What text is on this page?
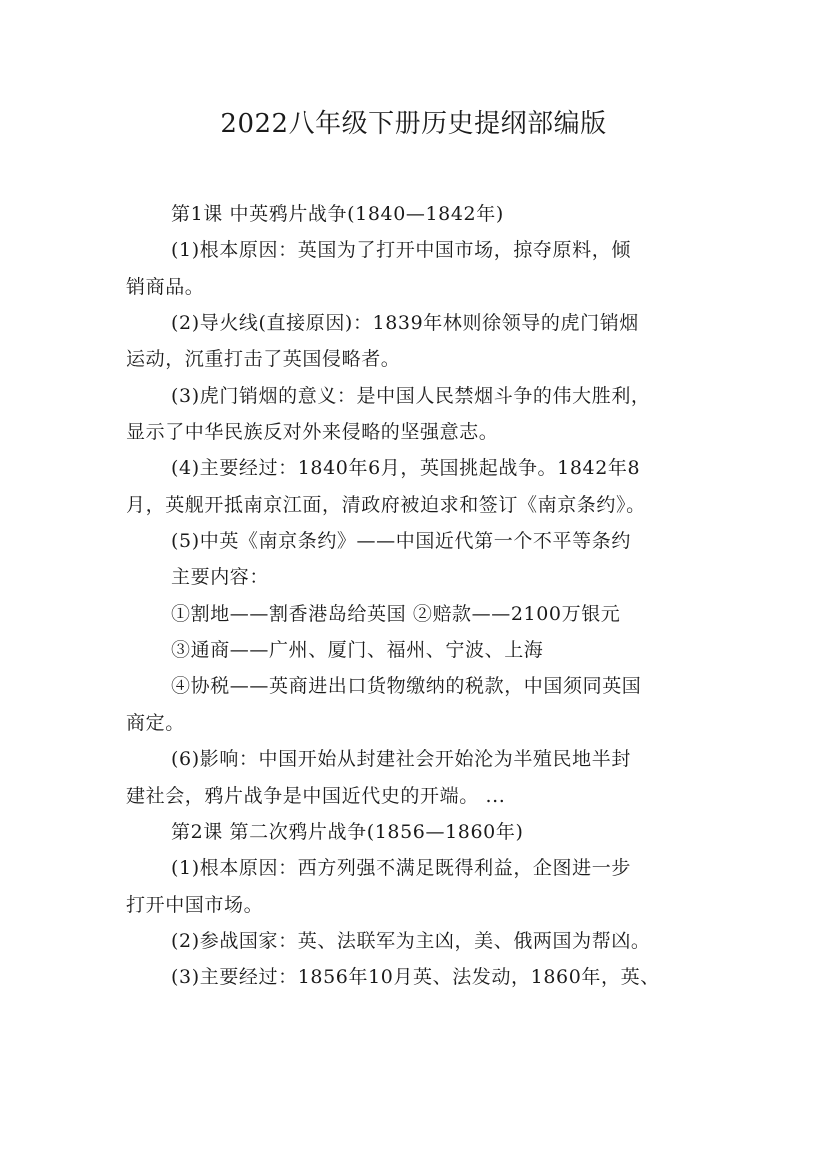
2022八年级下册历史提纲部编版
第1课 中英鸦片战争(1840—1842年)
(1)根本原因：英国为了打开中国市场，掠夺原料，倾
销商品。
(2)导火线(直接原因)：1839年林则徐领导的虎门销烟
运动，沉重打击了英国侵略者。
(3)虎门销烟的意义：是中国人民禁烟斗争的伟大胜利，
显示了中华民族反对外来侵略的坚强意志。
(4)主要经过：1840年6月，英国挑起战争。1842年8
月，英舰开抵南京江面，清政府被迫求和签订《南京条约》。
(5)中英《南京条约》——中国近代第一个不平等条约
主要内容：
①割地——割香港岛给英国 ②赔款——2100万银元
③通商——广州、厦门、福州、宁波、上海
④协税——英商进出口货物缴纳的税款，中国须同英国
商定。
(6)影响：中国开始从封建社会开始沦为半殖民地半封
建社会，鸦片战争是中国近代史的开端。 ...
第2课 第二次鸦片战争(1856—1860年)
(1)根本原因：西方列强不满足既得利益，企图进一步
打开中国市场。
(2)参战国家：英、法联军为主凶，美、俄两国为帮凶。
(3)主要经过：1856年10月英、法发动，1860年，英、
